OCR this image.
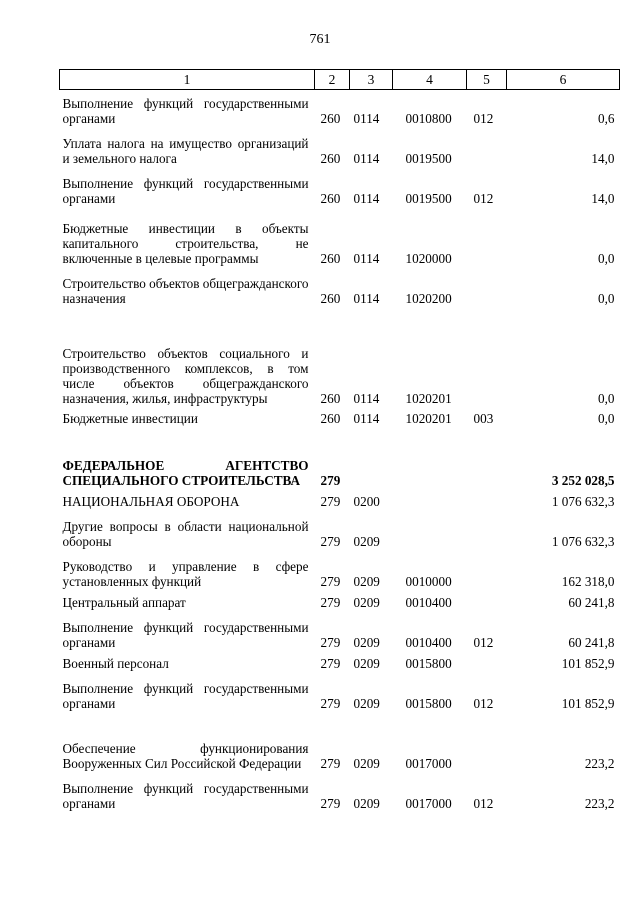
761
1	2	3	4	5	6
Выполнение функций государственными органами	260	0114	0010800	012	0,6
Уплата налога на имущество организаций и земельного налога	260	0114	0019500		14,0
Выполнение функций государственными органами	260	0114	0019500	012	14,0
Бюджетные инвестиции в объекты капитального строительства, не включенные в целевые программы	260	0114	1020000		0,0
Строительство объектов общегражданского назначения	260	0114	1020200		0,0
Строительство объектов социального и производственного комплексов, в том числе объектов общегражданского назначения, жилья, инфраструктуры	260	0114	1020201		0,0
Бюджетные инвестиции	260	0114	1020201	003	0,0
ФЕДЕРАЛЬНОЕ АГЕНТСТВО СПЕЦИАЛЬНОГО СТРОИТЕЛЬСТВА	279				3 252 028,5
НАЦИОНАЛЬНАЯ ОБОРОНА	279	0200			1 076 632,3
Другие вопросы в области национальной обороны	279	0209			1 076 632,3
Руководство и управление в сфере установленных функций	279	0209	0010000		162 318,0
Центральный аппарат	279	0209	0010400		60 241,8
Выполнение функций государственными органами	279	0209	0010400	012	60 241,8
Военный персонал	279	0209	0015800		101 852,9
Выполнение функций государственными органами	279	0209	0015800	012	101 852,9
Обеспечение функционирования Вооруженных Сил Российской Федерации	279	0209	0017000		223,2
Выполнение функций государственными органами	279	0209	0017000	012	223,2
